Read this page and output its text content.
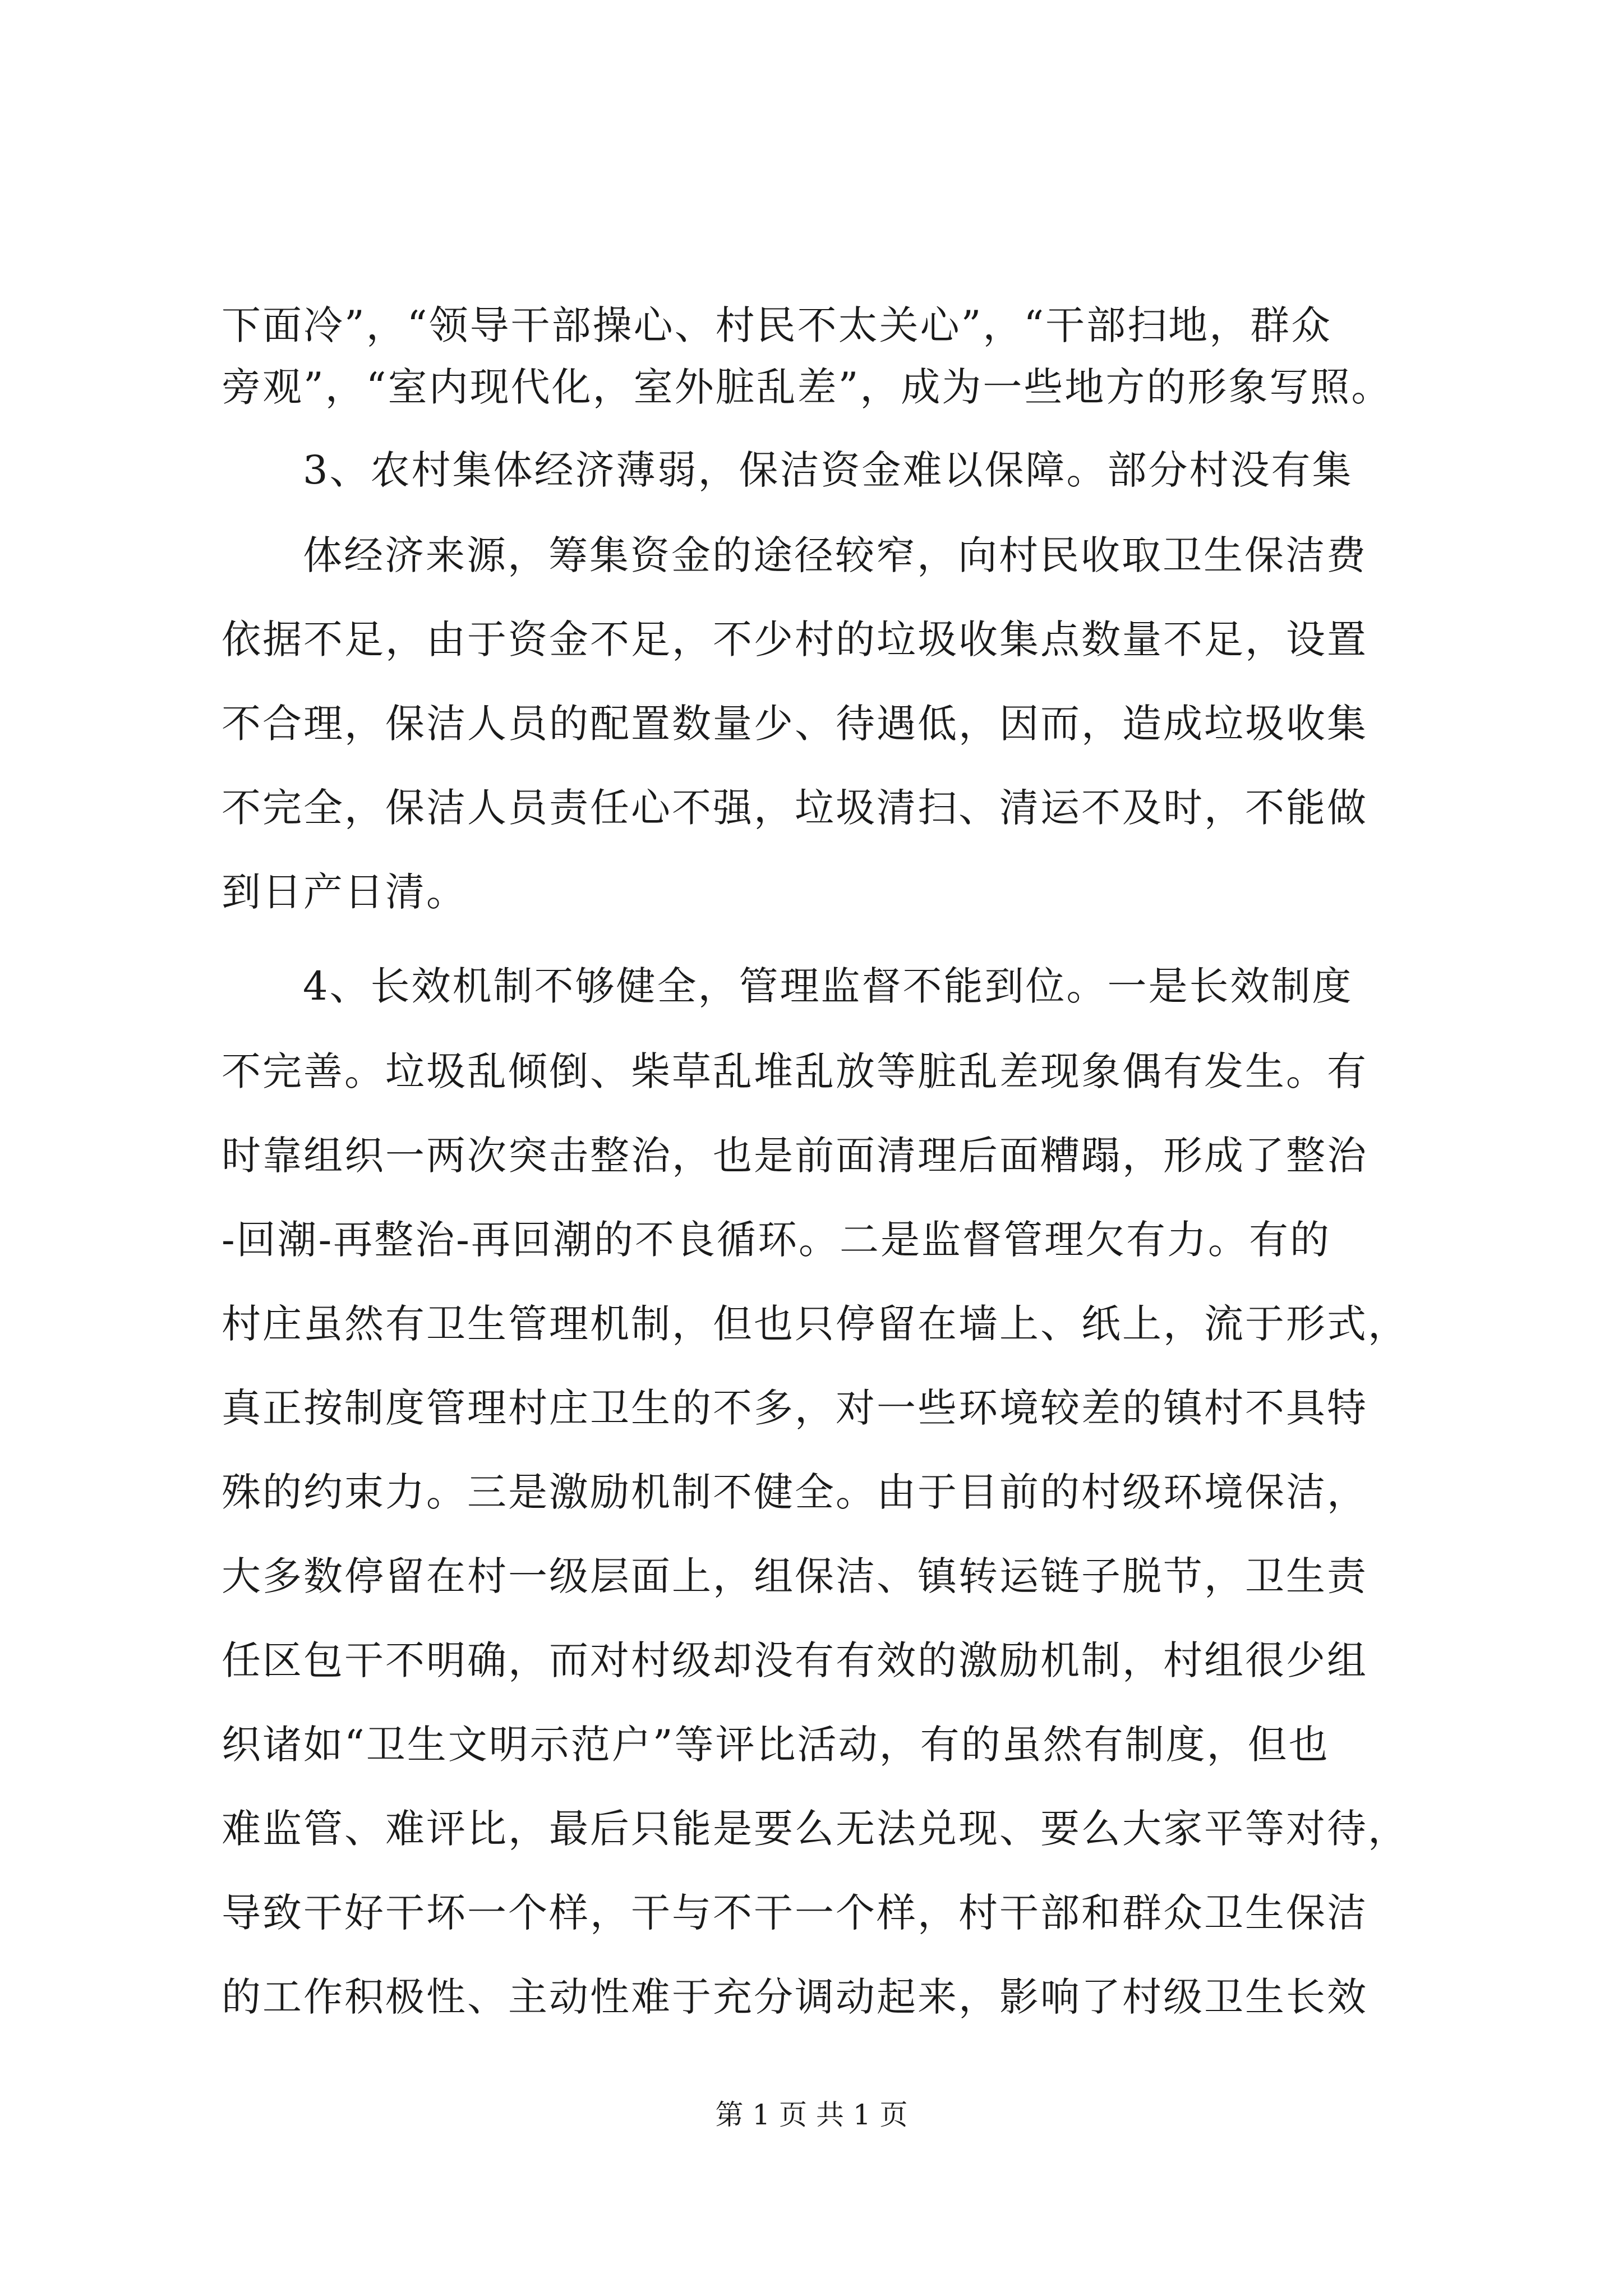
下面冷”，“领导干部操心、村民不太关心”，“干部扫地，群众
旁观”，“室内现代化，室外脏乱差”，成为一些地方的形象写照。
3、农村集体经济薄弱，保洁资金难以保障。部分村没有集
体经济来源，筹集资金的途径较窄，向村民收取卫生保洁费
依据不足，由于资金不足，不少村的垃圾收集点数量不足，设置
不合理，保洁人员的配置数量少、待遇低，因而，造成垃圾收集
不完全，保洁人员责任心不强，垃圾清扫、清运不及时，不能做
到日产日清。
4、长效机制不够健全，管理监督不能到位。一是长效制度
不完善。垃圾乱倾倒、柴草乱堆乱放等脏乱差现象偶有发生。有
时靠组织一两次突击整治，也是前面清理后面糟蹋，形成了整治
-回潮-再整治-再回潮的不良循环。二是监督管理欠有力。有的
村庄虽然有卫生管理机制，但也只停留在墙上、纸上，流于形式，
真正按制度管理村庄卫生的不多，对一些环境较差的镇村不具特
殊的约束力。三是激励机制不健全。由于目前的村级环境保洁，
大多数停留在村一级层面上，组保洁、镇转运链子脱节，卫生责
任区包干不明确，而对村级却没有有效的激励机制，村组很少组
织诸如“卫生文明示范户”等评比活动，有的虽然有制度，但也
难监管、难评比，最后只能是要么无法兑现、要么大家平等对待，
导致干好干坏一个样，干与不干一个样，村干部和群众卫生保洁
的工作积极性、主动性难于充分调动起来，影响了村级卫生长效
第 1 页 共 1 页
